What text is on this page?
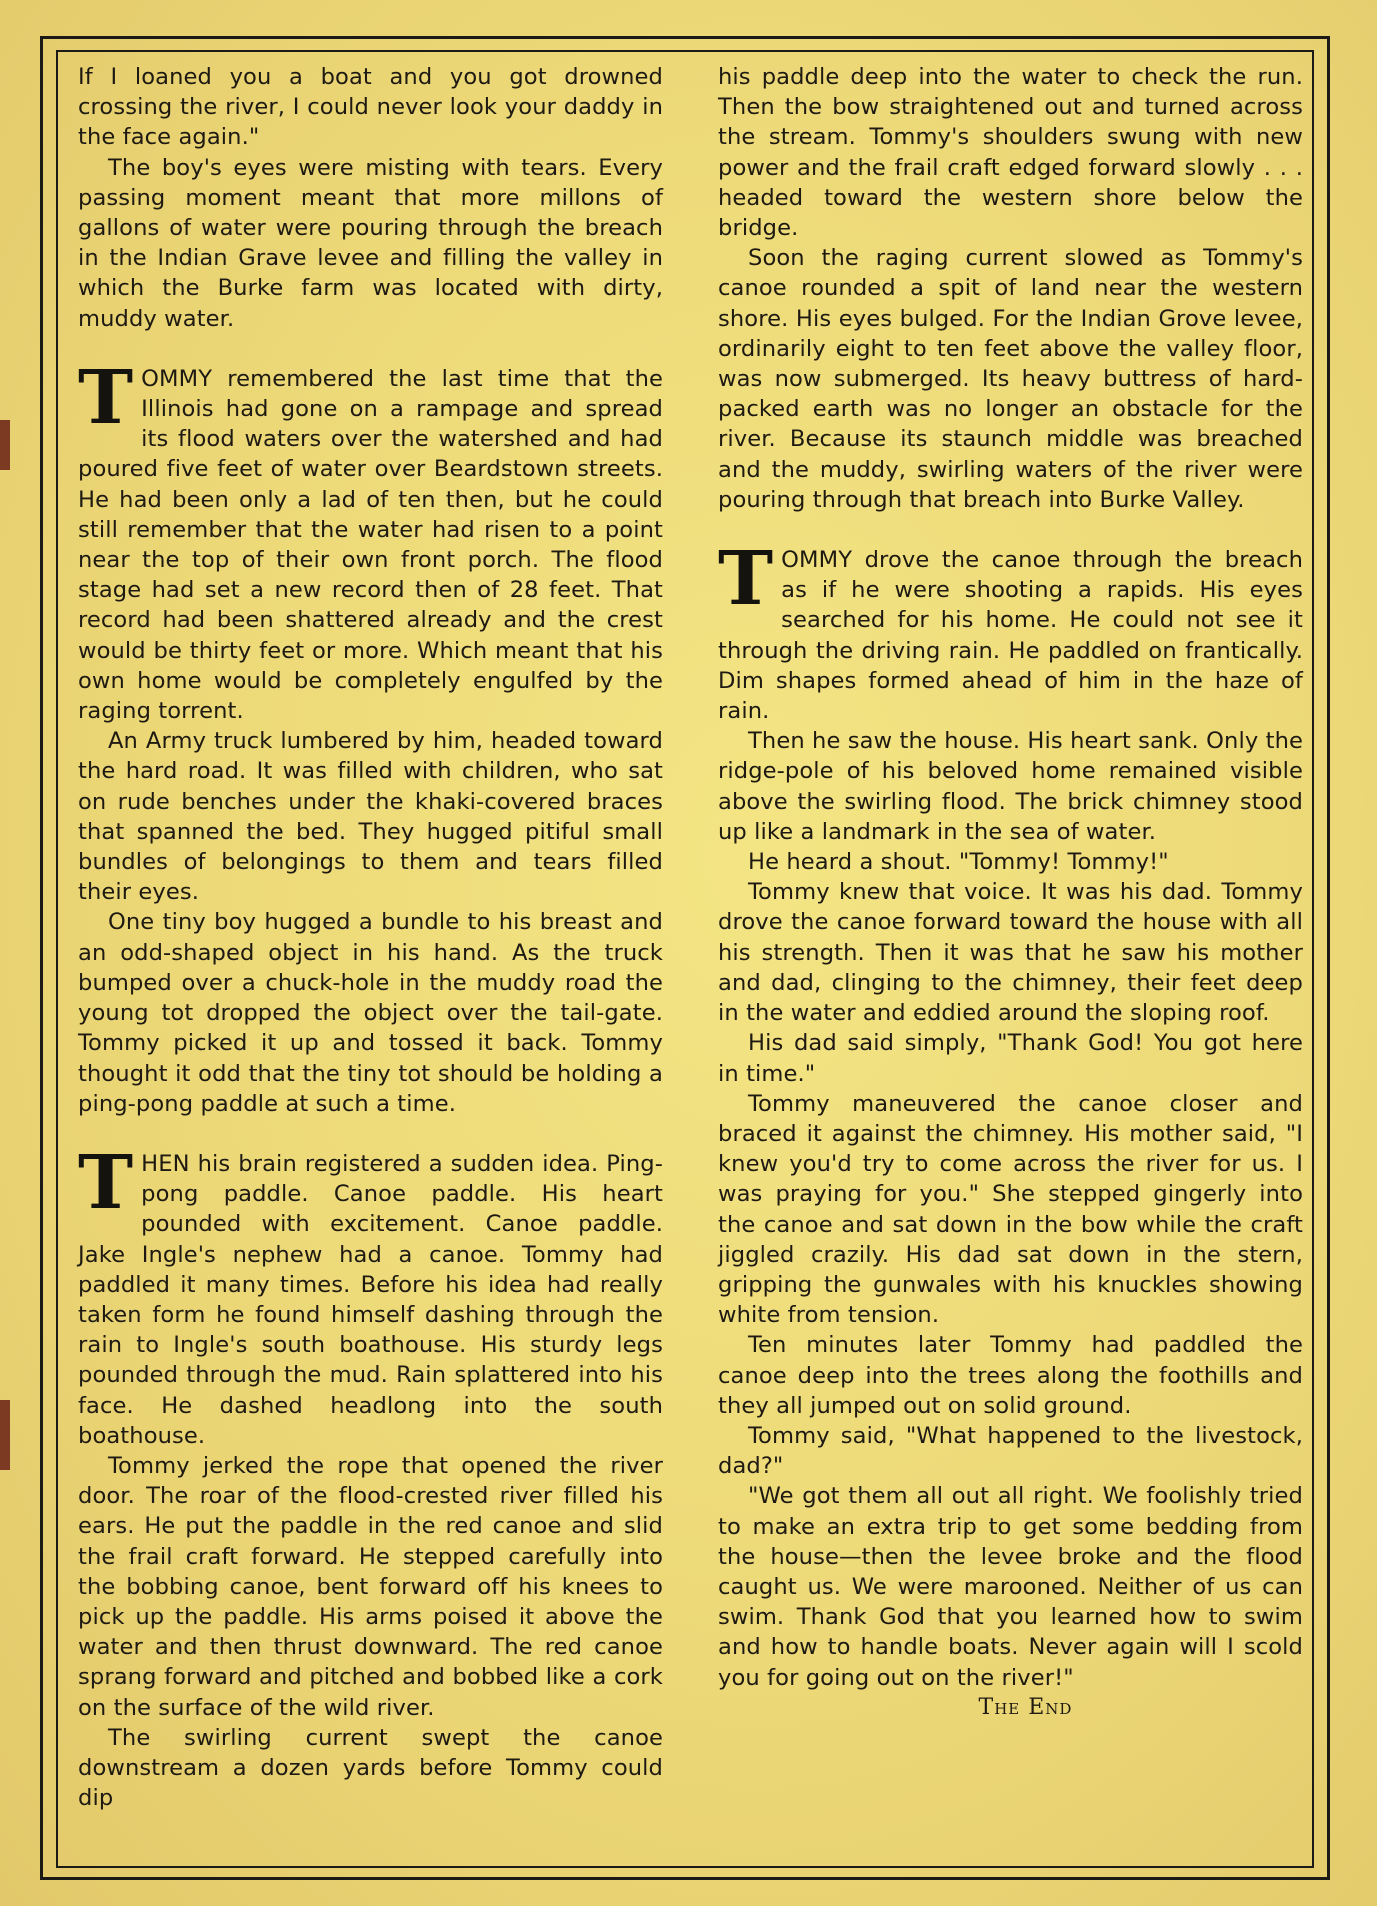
If I loaned you a boat and you got drowned crossing the river, I could never look your daddy in the face again."

The boy's eyes were misting with tears. Every passing moment meant that more millons of gallons of water were pouring through the breach in the Indian Grave levee and filling the valley in which the Burke farm was located with dirty, muddy water.

TOMMY remembered the last time that the Illinois had gone on a rampage and spread its flood waters over the watershed and had poured five feet of water over Beardstown streets. He had been only a lad of ten then, but he could still remember that the water had risen to a point near the top of their own front porch. The flood stage had set a new record then of 28 feet. That record had been shattered already and the crest would be thirty feet or more. Which meant that his own home would be completely engulfed by the raging torrent.

An Army truck lumbered by him, headed toward the hard road. It was filled with children, who sat on rude benches under the khaki-covered braces that spanned the bed. They hugged pitiful small bundles of belongings to them and tears filled their eyes.

One tiny boy hugged a bundle to his breast and an odd-shaped object in his hand. As the truck bumped over a chuck-hole in the muddy road the young tot dropped the object over the tail-gate. Tommy picked it up and tossed it back. Tommy thought it odd that the tiny tot should be holding a ping-pong paddle at such a time.

THEN his brain registered a sudden idea. Ping-pong paddle. Canoe paddle. His heart pounded with excitement. Canoe paddle. Jake Ingle's nephew had a canoe. Tommy had paddled it many times. Before his idea had really taken form he found himself dashing through the rain to Ingle's south boathouse. His sturdy legs pounded through the mud. Rain splattered into his face. He dashed headlong into the south boathouse.

Tommy jerked the rope that opened the river door. The roar of the flood-crested river filled his ears. He put the paddle in the red canoe and slid the frail craft forward. He stepped carefully into the bobbing canoe, bent forward off his knees to pick up the paddle. His arms poised it above the water and then thrust downward. The red canoe sprang forward and pitched and bobbed like a cork on the surface of the wild river.

The swirling current swept the canoe downstream a dozen yards before Tommy could dip

his paddle deep into the water to check the run. Then the bow straightened out and turned across the stream. Tommy's shoulders swung with new power and the frail craft edged forward slowly . . . headed toward the western shore below the bridge.

Soon the raging current slowed as Tommy's canoe rounded a spit of land near the western shore. His eyes bulged. For the Indian Grove levee, ordinarily eight to ten feet above the valley floor, was now submerged. Its heavy buttress of hard-packed earth was no longer an obstacle for the river. Because its staunch middle was breached and the muddy, swirling waters of the river were pouring through that breach into Burke Valley.

TOMMY drove the canoe through the breach as if he were shooting a rapids. His eyes searched for his home. He could not see it through the driving rain. He paddled on frantically. Dim shapes formed ahead of him in the haze of rain.

Then he saw the house. His heart sank. Only the ridge-pole of his beloved home remained visible above the swirling flood. The brick chimney stood up like a landmark in the sea of water.

He heard a shout. "Tommy! Tommy!"

Tommy knew that voice. It was his dad. Tommy drove the canoe forward toward the house with all his strength. Then it was that he saw his mother and dad, clinging to the chimney, their feet deep in the water and eddied around the sloping roof.

His dad said simply, "Thank God! You got here in time."

Tommy maneuvered the canoe closer and braced it against the chimney. His mother said, "I knew you'd try to come across the river for us. I was praying for you." She stepped gingerly into the canoe and sat down in the bow while the craft jiggled crazily. His dad sat down in the stern, gripping the gunwales with his knuckles showing white from tension.

Ten minutes later Tommy had paddled the canoe deep into the trees along the foothills and they all jumped out on solid ground.

Tommy said, "What happened to the livestock, dad?"

"We got them all out all right. We foolishly tried to make an extra trip to get some bedding from the house—then the levee broke and the flood caught us. We were marooned. Neither of us can swim. Thank God that you learned how to swim and how to handle boats. Never again will I scold you for going out on the river!"

The End
